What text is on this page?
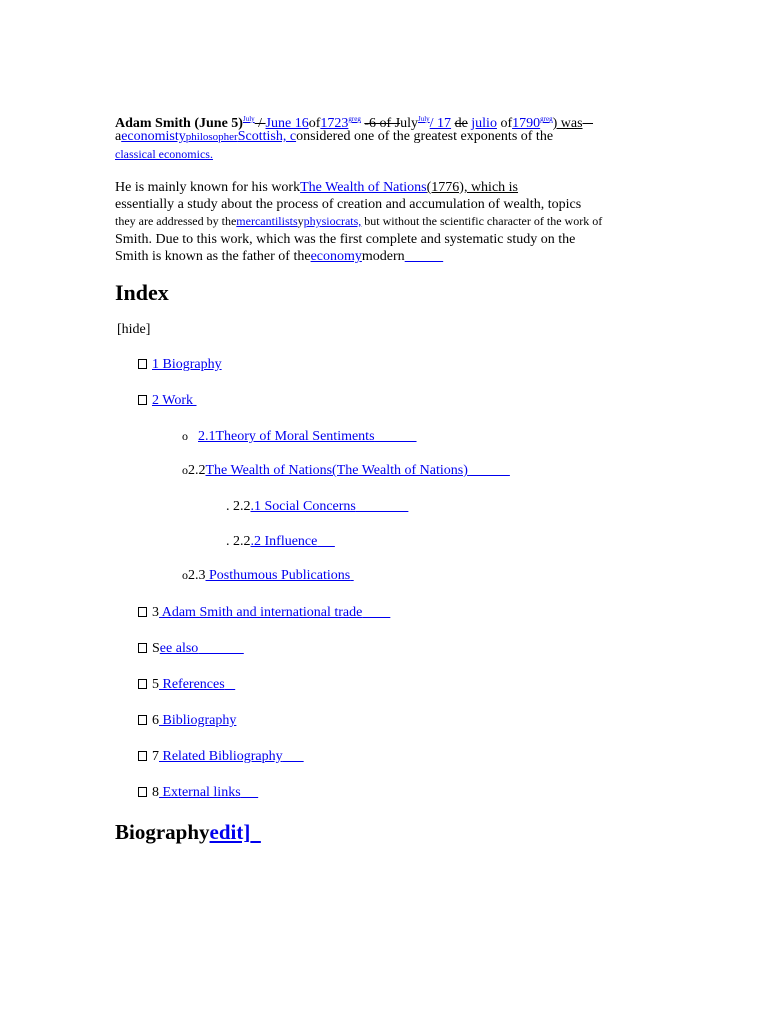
Adam Smith (June 5)$^{July}$ / June $16of1723^{greg}$ -6 of July$^{July}$/ 17 de julio $of1790^{greg}$) was
aeconomistyphilosopherScottish, considered one of the greatest exponents of the
classical economics.
He is mainly known for his workThe Wealth of Nations(1776), which is
essentially a study about the process of creation and accumulation of wealth, topics
they are addressed by themercantilistsyphysiocrats, but without the scientific character of the work of
Smith. Due to this work, which was the first complete and systematic study on the
Smith is known as the father of theeconomymodern
Index
[hide]
1 Biography
2 Work
o 2.1Theory of Moral Sentiments
o2.2The Wealth of Nations(The Wealth of Nations)
. 2.2.1 Social Concerns
. 2.2.2 Influence
o2.3 Posthumous Publications
3 Adam Smith and international trade
See also
5 References
6 Bibliography
7 Related Bibliography
8 External links
Biographyedit]
